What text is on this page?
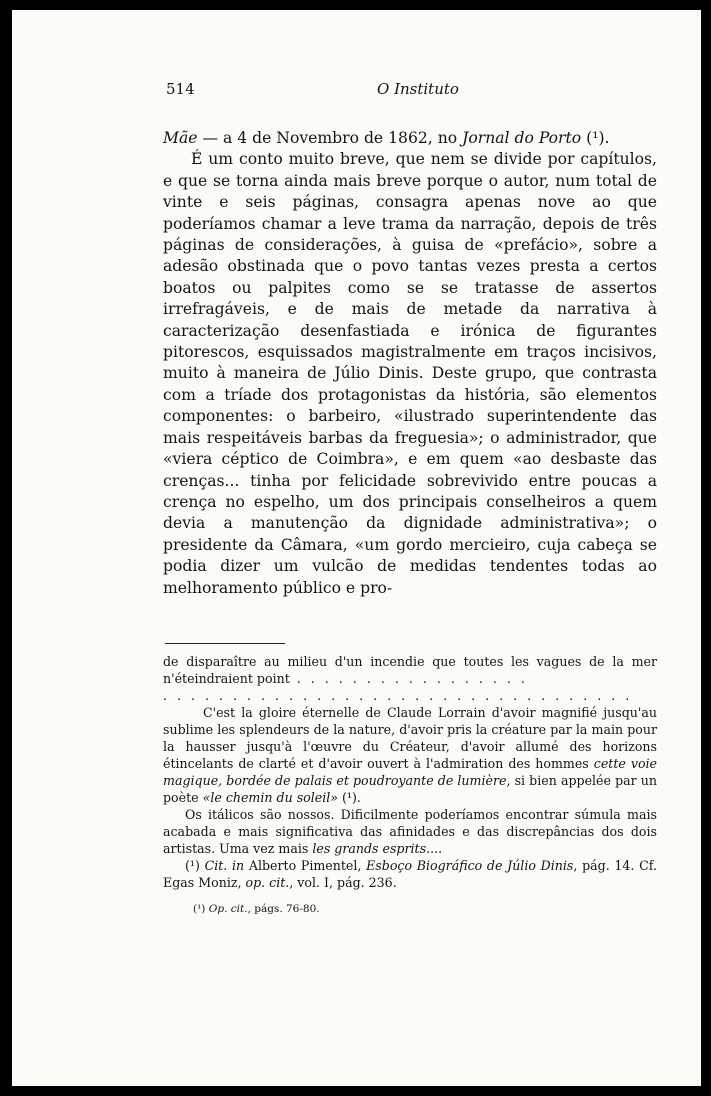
514	O Instituto

Mãe — a 4 de Novembro de 1862, no Jornal do Porto (¹).

É um conto muito breve, que nem se divide por capítulos, e que se torna ainda mais breve porque o autor, num total de vinte e seis páginas, consagra apenas nove ao que poderíamos chamar a leve trama da narração, depois de três páginas de considerações, à guisa de «prefácio», sobre a adesão obstinada que o povo tantas vezes presta a certos boatos ou palpites como se se tratasse de assertos irrefragáveis, e de mais de metade da narrativa à caracterização desenfastiada e irónica de figurantes pitorescos, esquissados magistralmente em traços incisivos, muito à maneira de Júlio Dinis. Deste grupo, que contrasta com a tríade dos protagonistas da história, são elementos componentes: o barbeiro, «ilustrado superintendente das mais respeitáveis barbas da freguesia»; o administrador, que «viera céptico de Coimbra», e em quem «ao desbaste das crenças... tinha por felicidade sobrevivido entre poucas a crença no espelho, um dos principais conselheiros a quem devia a manutenção da dignidade administrativa»; o presidente da Câmara, «um gordo mercieiro, cuja cabeça se podia dizer um vulcão de medidas tendentes todas ao melhoramento público e pro-

de disparaître au milieu d'un incendie que toutes les vagues de la mer n'éteindraient point . . . . . . . . . . . . . . . . .

. . . . . . . . . . . . . . . . . . . . . . . . . . . . . . . . . .

C'est la gloire éternelle de Claude Lorrain d'avoir magnifié jusqu'au sublime les splendeurs de la nature, d'avoir pris la créature par la main pour la hausser jusqu'à l'œuvre du Créateur, d'avoir allumé des horizons étincelants de clarté et d'avoir ouvert à l'admiration des hommes cette voie magique, bordée de palais et poudroyante de lumière, si bien appelée par un poète «le chemin du soleil» (¹).

Os itálicos são nossos. Dificilmente poderíamos encontrar súmula mais acabada e mais significativa das afinidades e das discrepâncias dos dois artistas. Uma vez mais les grands esprits....

(¹) Cit. in Alberto Pimentel, Esboço Biográfico de Júlio Dinis, pág. 14. Cf. Egas Moniz, op. cit., vol. I, pág. 236.

(¹) Op. cit., págs. 76-80.
